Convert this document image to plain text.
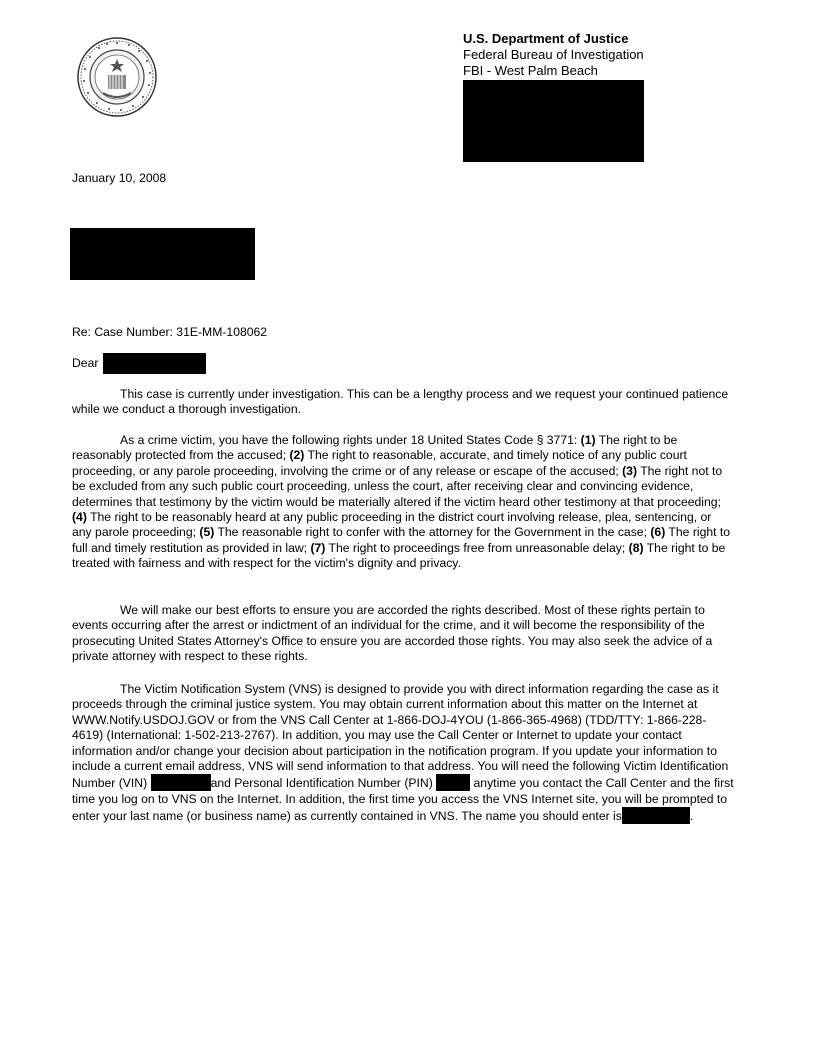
U.S. Department of Justice
Federal Bureau of Investigation
FBI - West Palm Beach
January 10, 2008
Re: Case Number: 31E-MM-108062
Dear
This case is currently under investigation. This can be a lengthy process and we request your continued patience while we conduct a thorough investigation.
As a crime victim, you have the following rights under 18 United States Code § 3771: (1) The right to be reasonably protected from the accused; (2) The right to reasonable, accurate, and timely notice of any public court proceeding, or any parole proceeding, involving the crime or of any release or escape of the accused; (3) The right not to be excluded from any such public court proceeding, unless the court, after receiving clear and convincing evidence, determines that testimony by the victim would be materially altered if the victim heard other testimony at that proceeding; (4) The right to be reasonably heard at any public proceeding in the district court involving release, plea, sentencing, or any parole proceeding; (5) The reasonable right to confer with the attorney for the Government in the case; (6) The right to full and timely restitution as provided in law; (7) The right to proceedings free from unreasonable delay; (8) The right to be treated with fairness and with respect for the victim's dignity and privacy.
We will make our best efforts to ensure you are accorded the rights described. Most of these rights pertain to events occurring after the arrest or indictment of an individual for the crime, and it will become the responsibility of the prosecuting United States Attorney's Office to ensure you are accorded those rights. You may also seek the advice of a private attorney with respect to these rights.
The Victim Notification System (VNS) is designed to provide you with direct information regarding the case as it proceeds through the criminal justice system. You may obtain current information about this matter on the Internet at WWW.Notify.USDOJ.GOV or from the VNS Call Center at 1-866-DOJ-4YOU (1-866-365-4968) (TDD/TTY: 1-866-228-4619) (International: 1-502-213-2767). In addition, you may use the Call Center or Internet to update your contact information and/or change your decision about participation in the notification program. If you update your information to include a current email address, VNS will send information to that address. You will need the following Victim Identification Number (VIN)	and Personal Identification Number (PIN)	anytime you contact the Call Center and the first time you log on to VNS on the Internet. In addition, the first time you access the VNS Internet site, you will be prompted to enter your last name (or business name) as currently contained in VNS. The name you should enter is	.
